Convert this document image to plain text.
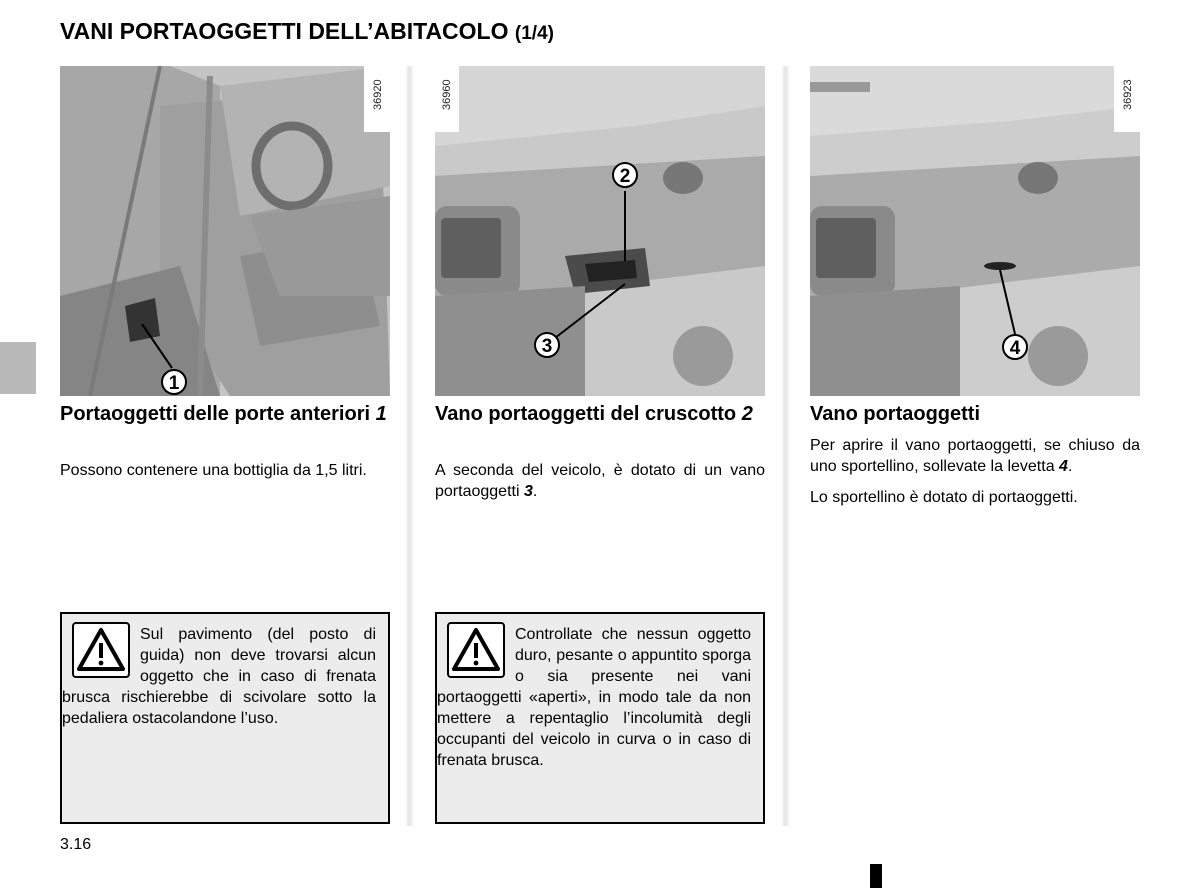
VANI PORTAOGGETTI DELL’ABITACOLO (1/4)
1
36920
Portaoggetti delle porte anteriori 1

Possono contenere una bottiglia da 1,5 litri.

Sul pavimento (del posto di guida) non deve trovarsi alcun oggetto che in caso di frenata brusca rischierebbe di scivolare sotto la pedaliera ostacolandone l’uso.

2
3
36960
Vano portaoggetti del cruscotto 2

A seconda del veicolo, è dotato di un vano portaoggetti 3.

Controllate che nessun oggetto duro, pesante o appuntito sporga o sia presente nei vani portaoggetti «aperti», in modo tale da non mettere a repentaglio l’incolumità degli occupanti del veicolo in curva o in caso di frenata brusca.

4
36923
Vano portaoggetti

Per aprire il vano portaoggetti, se chiuso da uno sportellino, sollevate la levetta 4.

Lo sportellino è dotato di portaoggetti.

3.16
